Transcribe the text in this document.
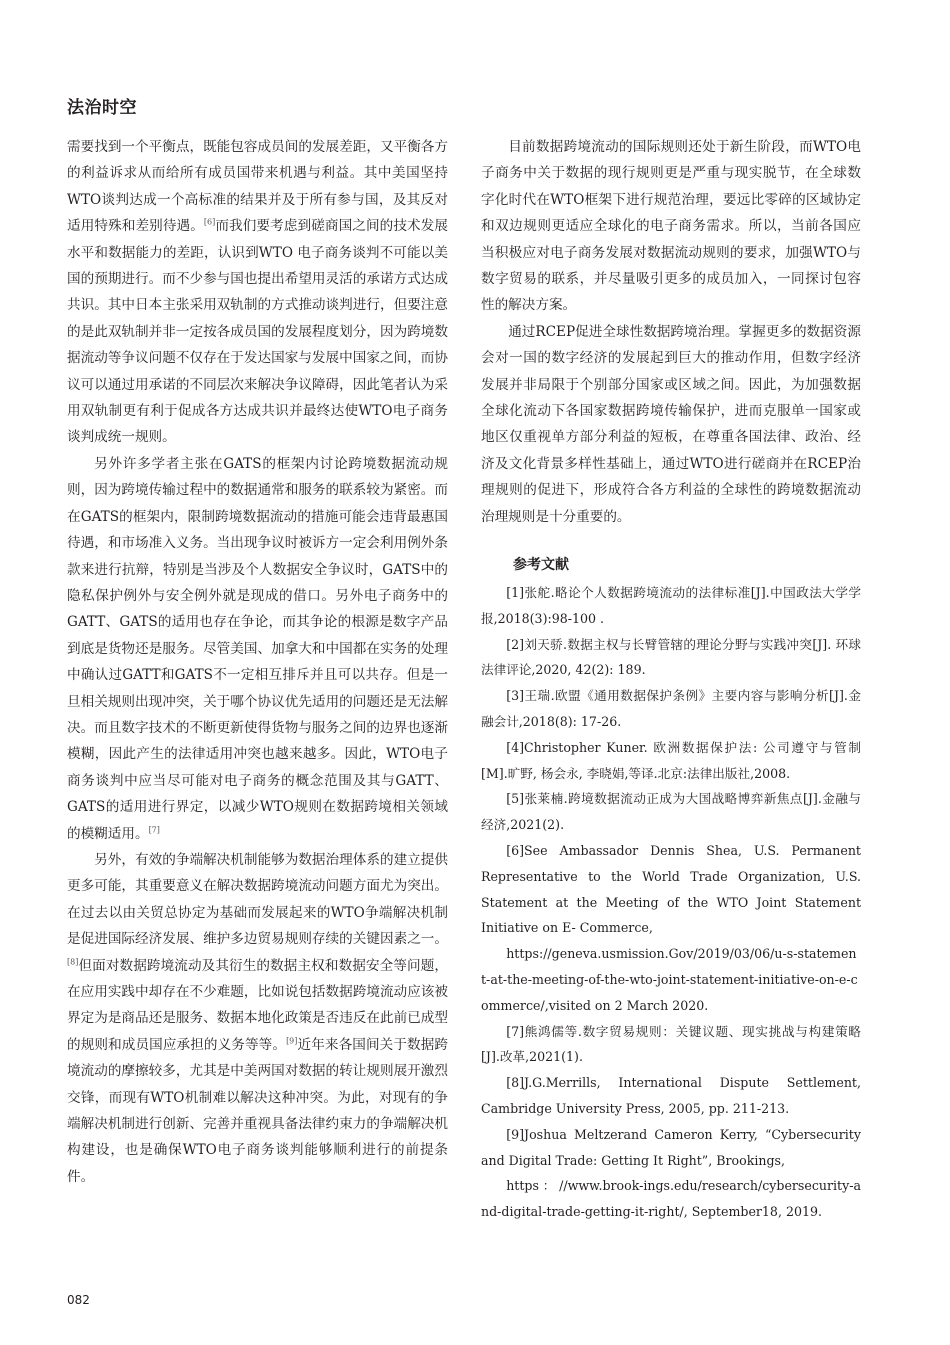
法治时空

需要找到一个平衡点，既能包容成员间的发展差距，又平衡各方的利益诉求从而给所有成员国带来机遇与利益。其中美国坚持WTO谈判达成一个高标准的结果并及于所有参与国，及其反对适用特殊和差别待遇。[6]而我们要考虑到磋商国之间的技术发展水平和数据能力的差距，认识到WTO 电子商务谈判不可能以美国的预期进行。而不少参与国也提出希望用灵活的承诺方式达成共识。其中日本主张采用双轨制的方式推动谈判进行，但要注意的是此双轨制并非一定按各成员国的发展程度划分，因为跨境数据流动等争议问题不仅存在于发达国家与发展中国家之间，而协议可以通过用承诺的不同层次来解决争议障碍，因此笔者认为采用双轨制更有利于促成各方达成共识并最终达使WTO电子商务谈判成统一规则。

另外许多学者主张在GATS的框架内讨论跨境数据流动规则，因为跨境传输过程中的数据通常和服务的联系较为紧密。而在GATS的框架内，限制跨境数据流动的措施可能会违背最惠国待遇，和市场准入义务。当出现争议时被诉方一定会利用例外条款来进行抗辩，特别是当涉及个人数据安全争议时，GATS中的隐私保护例外与安全例外就是现成的借口。另外电子商务中的GATT、GATS的适用也存在争论，而其争论的根源是数字产品到底是货物还是服务。尽管美国、加拿大和中国都在实务的处理中确认过GATT和GATS不一定相互排斥并且可以共存。但是一旦相关规则出现冲突，关于哪个协议优先适用的问题还是无法解决。而且数字技术的不断更新使得货物与服务之间的边界也逐渐模糊，因此产生的法律适用冲突也越来越多。因此，WTO电子商务谈判中应当尽可能对电子商务的概念范围及其与GATT、GATS的适用进行界定，以减少WTO规则在数据跨境相关领域的模糊适用。[7]

另外，有效的争端解决机制能够为数据治理体系的建立提供更多可能，其重要意义在解决数据跨境流动问题方面尤为突出。在过去以由关贸总协定为基础而发展起来的WTO争端解决机制是促进国际经济发展、维护多边贸易规则存续的关键因素之一。[8]但面对数据跨境流动及其衍生的数据主权和数据安全等问题，在应用实践中却存在不少难题，比如说包括数据跨境流动应该被界定为是商品还是服务、数据本地化政策是否违反在此前已成型的规则和成员国应承担的义务等等。[9]近年来各国间关于数据跨境流动的摩擦较多，尤其是中美两国对数据的转让规则展开激烈交锋，而现有WTO机制难以解决这种冲突。为此，对现有的争端解决机制进行创新、完善并重视具备法律约束力的争端解决机构建设，也是确保WTO电子商务谈判能够顺利进行的前提条件。

目前数据跨境流动的国际规则还处于新生阶段，而WTO电子商务中关于数据的现行规则更是严重与现实脱节，在全球数字化时代在WTO框架下进行规范治理，要远比零碎的区域协定和双边规则更适应全球化的电子商务需求。所以，当前各国应当积极应对电子商务发展对数据流动规则的要求，加强WTO与数字贸易的联系，并尽量吸引更多的成员加入，一同探讨包容性的解决方案。

通过RCEP促进全球性数据跨境治理。掌握更多的数据资源会对一国的数字经济的发展起到巨大的推动作用，但数字经济发展并非局限于个别部分国家或区域之间。因此，为加强数据全球化流动下各国家数据跨境传输保护，进而克服单一国家或地区仅重视单方部分利益的短板，在尊重各国法律、政治、经济及文化背景多样性基础上，通过WTO进行磋商并在RCEP治理规则的促进下，形成符合各方利益的全球性的跨境数据流动治理规则是十分重要的。

参考文献

[1]张舵.略论个人数据跨境流动的法律标准[J].中国政法大学学报,2018(3):98-100 .

[2]刘天骄.数据主权与长臂管辖的理论分野与实践冲突[J]. 环球法律评论,2020, 42(2): 189.

[3]王瑞.欧盟《通用数据保护条例》主要内容与影响分析[J].金融会计,2018(8): 17-26.

[4]Christopher Kuner. 欧洲数据保护法: 公司遵守与管制[M].旷野, 杨会永, 李晓娟,等译.北京:法律出版社,2008.

[5]张莱楠.跨境数据流动正成为大国战略博弈新焦点[J].金融与经济,2021(2).

[6]See Ambassador Dennis Shea, U.S. Permanent Representative to the World Trade Organization, U.S. Statement at the Meeting of the WTO Joint Statement Initiative on E- Commerce,

https://geneva.usmission.Gov/2019/03/06/u-s-statement-at-the-meeting-of-the-wto-joint-statement-initiative-on-e-commerce/,visited on 2 March 2020.

[7]熊鸿儒等.数字贸易规则：关键议题、现实挑战与构建策略[J].改革,2021(1).

[8]J.G.Merrills, International Dispute Settlement, Cambridge University Press, 2005, pp. 211-213.

[9]Joshua Meltzerand Cameron Kerry, “Cybersecurity and Digital Trade: Getting It Right”, Brookings,

https：//www.brook-ings.edu/research/cybersecurity-and-digital-trade-getting-it-right/, September18, 2019.

082
